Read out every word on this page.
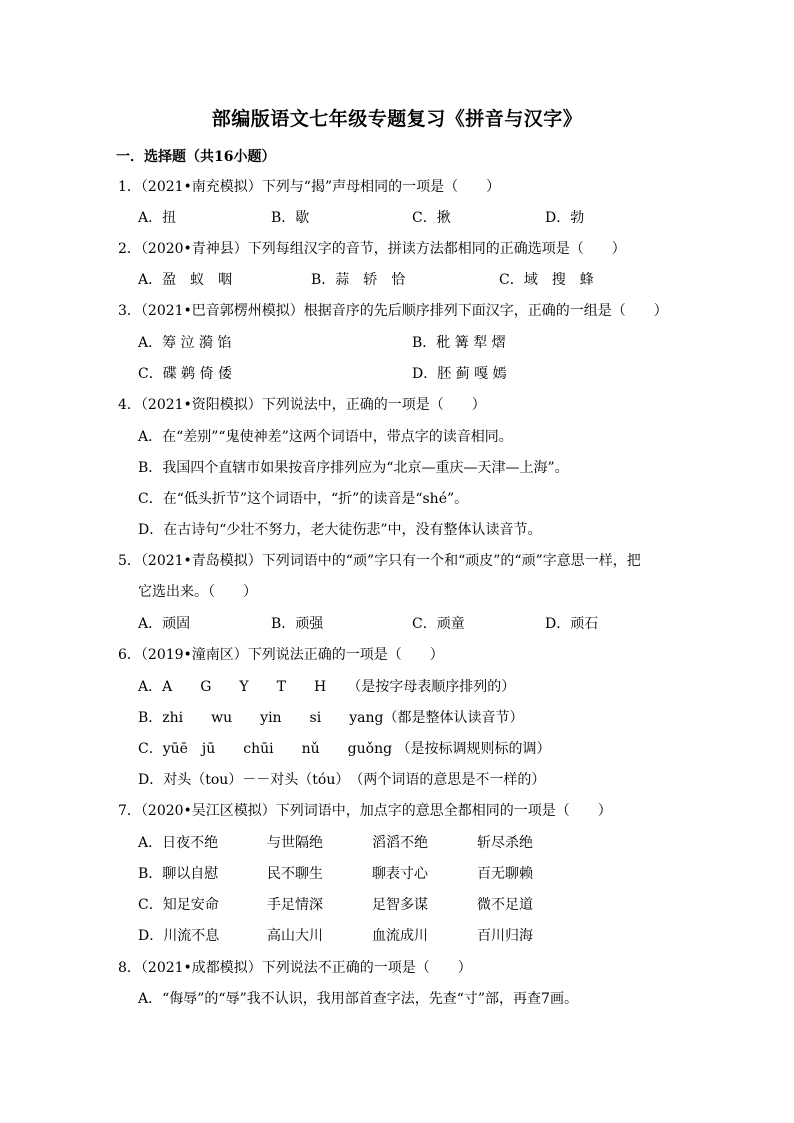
部编版语文七年级专题复习《拼音与汉字》
一．选择题（共16小题）
1．（2021•南充模拟）下列与“揭”声母相同的一项是（　　）
A．扭	B．歇	C．揪	D．勃
2．（2020•青神县）下列每组汉字的音节，拼读方法都相同的正确选项是（　　）
A．盈　蚁　咽	B．蒜　轿　恰	C．域　搜　蜂
3．（2021•巴音郭楞州模拟）根据音序的先后顺序排列下面汉字，正确的一组是（　　）
A．筹 泣 漪 馅	B．秕 篝 犁 熠
C．碟 鹈 倚 倭	D．胚 蓟 嘎 嫣
4．（2021•资阳模拟）下列说法中，正确的一项是（　　）
A．在“差别”“鬼使神差”这两个词语中，带点字的读音相同。
B．我国四个直辖市如果按音序排列应为“北京—重庆—天津—上海”。
C．在“低头折节”这个词语中，“折”的读音是“shé”。
D．在古诗句“少壮不努力，老大徒伤悲”中，没有整体认读音节。
5．（2021•青岛模拟）下列词语中的“顽”字只有一个和“顽皮”的“顽”字意思一样，把
它选出来。（　　）
A．顽固	B．顽强	C．顽童	D．顽石
6．（2019•潼南区）下列说法正确的一项是（　　）
A．A　　G　　Y　　T　　H　　（是按字母表顺序排列的）
B．zhi　　wu　　yin　　si　　yang（都是整体认读音节）
C．yūē　jū　　chūi　　nǔ　　guǒng （是按标调规则标的调）
D．对头（tou）－－对头（tóu）　（两个词语的意思是不一样的）
7．（2020•吴江区模拟）下列词语中，加点字的意思全都相同的一项是（　　）
A．日夜不绝	与世隔绝	滔滔不绝	斩尽杀绝
B．聊以自慰	民不聊生	聊表寸心	百无聊赖
C．知足安命	手足情深	足智多谋	微不足道
D．川流不息	高山大川	血流成川	百川归海
8．（2021•成都模拟）下列说法不正确的一项是（　　）
A．“侮辱”的“辱”我不认识，我用部首查字法，先查“寸”部，再查7画。
